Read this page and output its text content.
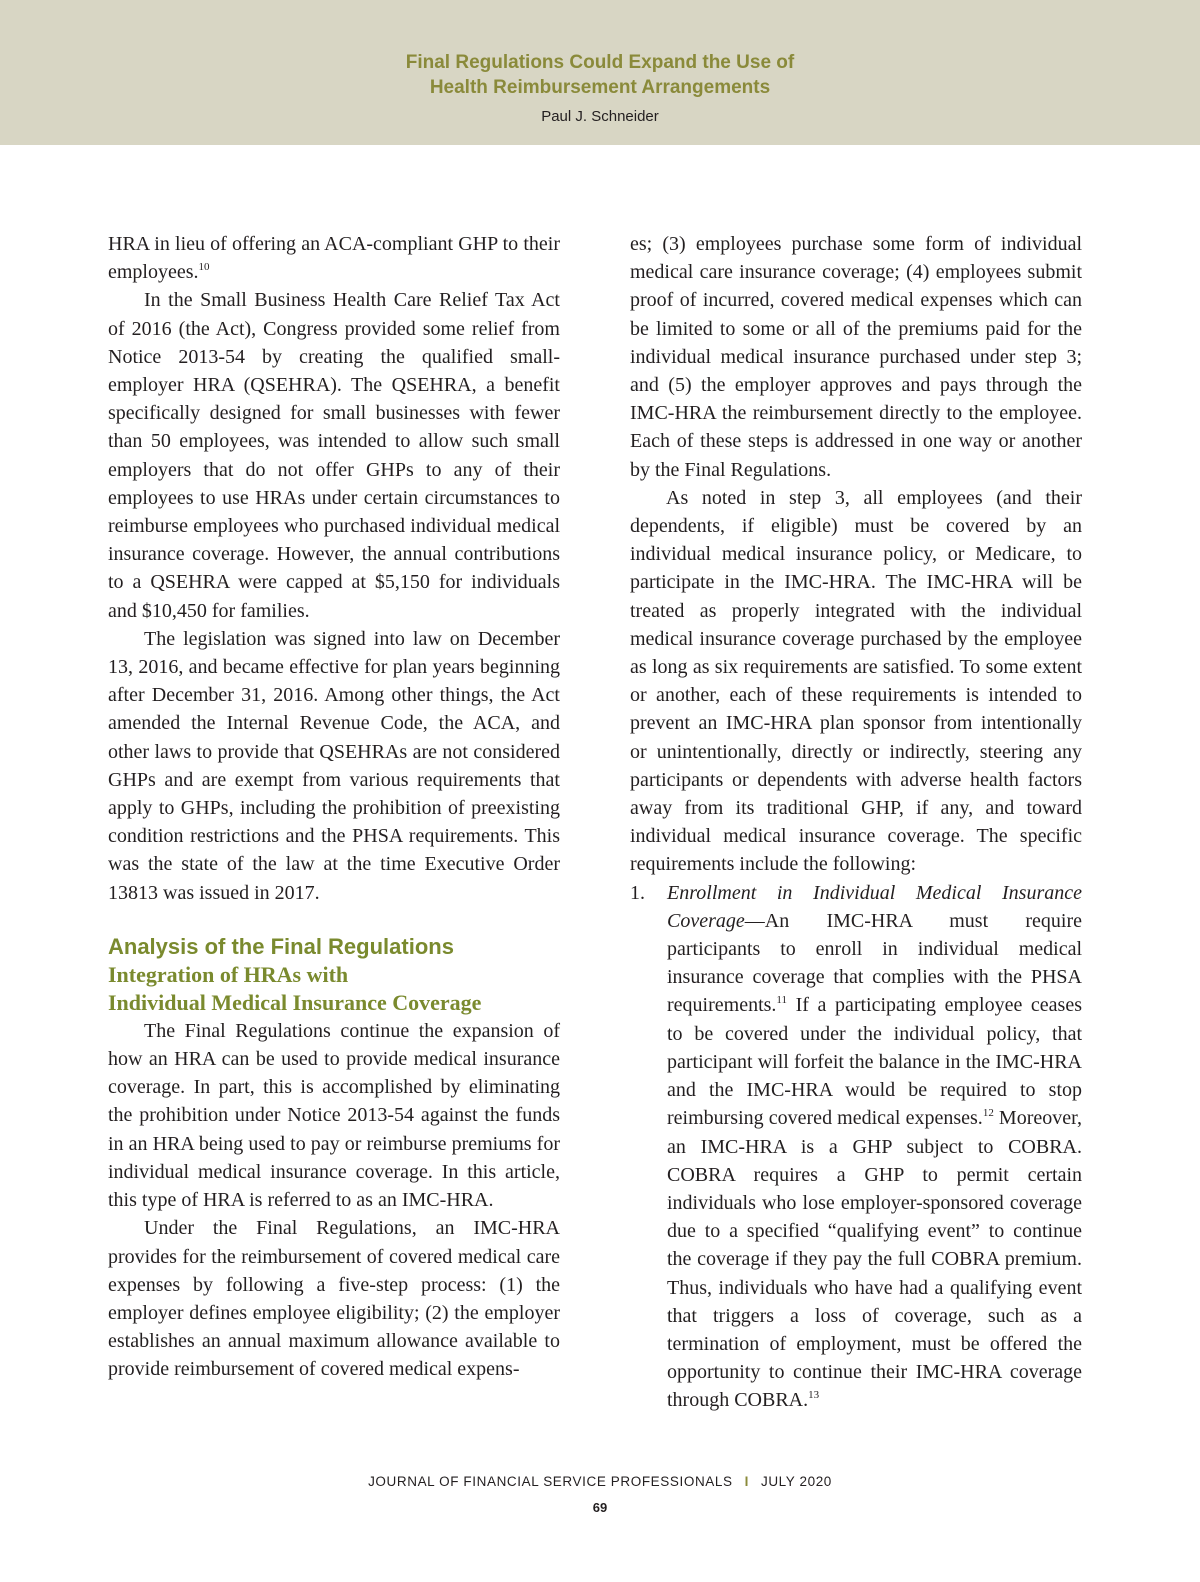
Final Regulations Could Expand the Use of
Health Reimbursement Arrangements
Paul J. Schneider

HRA in lieu of offering an ACA-compliant GHP to their employees.$^{10}$

In the Small Business Health Care Relief Tax Act of 2016 (the Act), Congress provided some relief from Notice 2013-54 by creating the qualified small-employer HRA (QSEHRA). The QSEHRA, a benefit specifically designed for small businesses with fewer than 50 employees, was intended to allow such small employers that do not offer GHPs to any of their employees to use HRAs under certain circumstances to reimburse employees who purchased individual medical insurance coverage. However, the annual contributions to a QSEHRA were capped at $5,150 for individuals and $10,450 for families.

The legislation was signed into law on December 13, 2016, and became effective for plan years beginning after December 31, 2016. Among other things, the Act amended the Internal Revenue Code, the ACA, and other laws to provide that QSEHRAs are not considered GHPs and are exempt from various requirements that apply to GHPs, including the prohibition of preexisting condition restrictions and the PHSA requirements. This was the state of the law at the time Executive Order 13813 was issued in 2017.

Analysis of the Final Regulations
Integration of HRAs with
Individual Medical Insurance Coverage

The Final Regulations continue the expansion of how an HRA can be used to provide medical insurance coverage. In part, this is accomplished by eliminating the prohibition under Notice 2013-54 against the funds in an HRA being used to pay or reimburse premiums for individual medical insurance coverage. In this article, this type of HRA is referred to as an IMC-HRA.

Under the Final Regulations, an IMC-HRA provides for the reimbursement of covered medical care expenses by following a five-step process: (1) the employer defines employee eligibility; (2) the employer establishes an annual maximum allowance available to provide reimbursement of covered medical expens-

es; (3) employees purchase some form of individual medical care insurance coverage; (4) employees submit proof of incurred, covered medical expenses which can be limited to some or all of the premiums paid for the individual medical insurance purchased under step 3; and (5) the employer approves and pays through the IMC-HRA the reimbursement directly to the employee. Each of these steps is addressed in one way or another by the Final Regulations.

As noted in step 3, all employees (and their dependents, if eligible) must be covered by an individual medical insurance policy, or Medicare, to participate in the IMC-HRA. The IMC-HRA will be treated as properly integrated with the individual medical insurance coverage purchased by the employee as long as six requirements are satisfied. To some extent or another, each of these requirements is intended to prevent an IMC-HRA plan sponsor from intentionally or unintentionally, directly or indirectly, steering any participants or dependents with adverse health factors away from its traditional GHP, if any, and toward individual medical insurance coverage. The specific requirements include the following:

1. Enrollment in Individual Medical Insurance Coverage—An IMC-HRA must require participants to enroll in individual medical insurance coverage that complies with the PHSA requirements.$^{11}$ If a participating employee ceases to be covered under the individual policy, that participant will forfeit the balance in the IMC-HRA and the IMC-HRA would be required to stop reimbursing covered medical expenses.$^{12}$ Moreover, an IMC-HRA is a GHP subject to COBRA. COBRA requires a GHP to permit certain individuals who lose employer-sponsored coverage due to a specified “qualifying event” to continue the coverage if they pay the full COBRA premium. Thus, individuals who have had a qualifying event that triggers a loss of coverage, such as a termination of employment, must be offered the opportunity to continue their IMC-HRA coverage through COBRA.$^{13}$
JOURNAL OF FINANCIAL SERVICE PROFESSIONALS I JULY 2020
69
